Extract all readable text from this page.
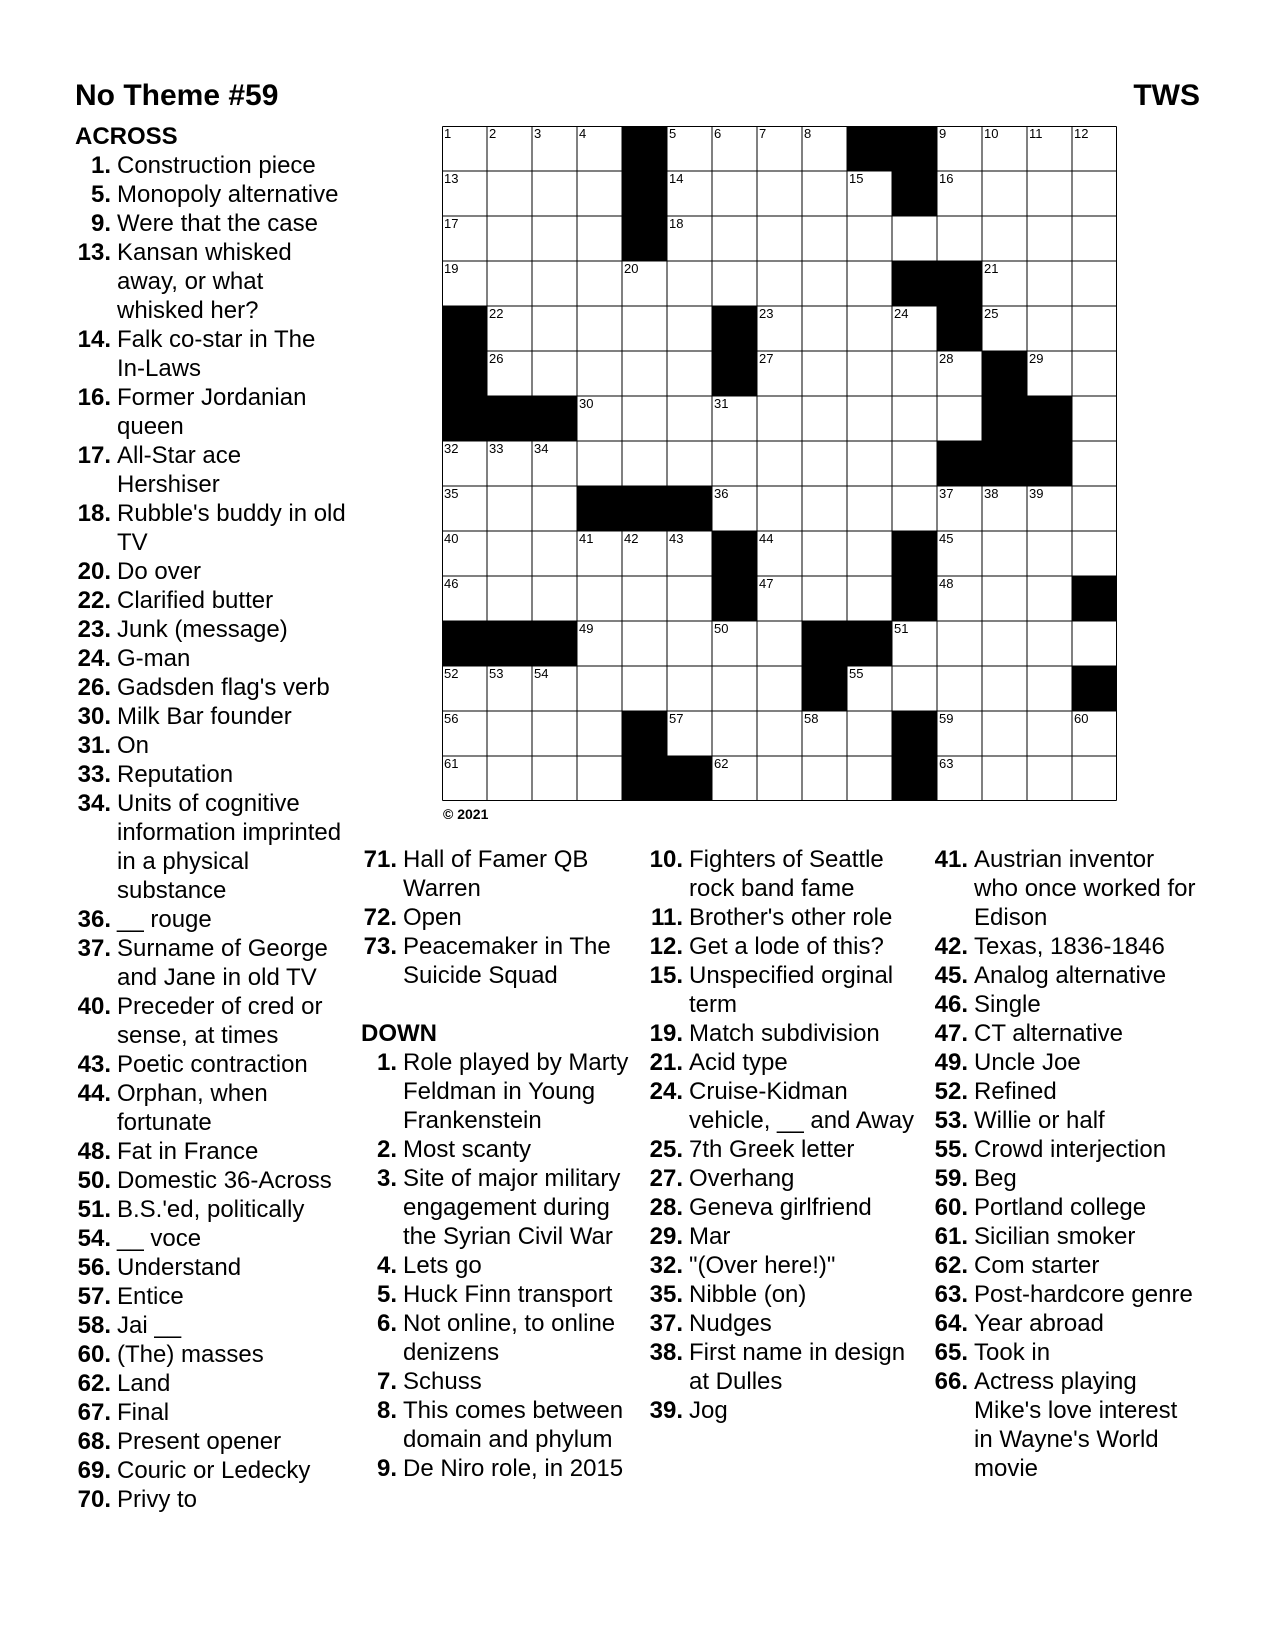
No Theme #59	TWS
1	2	3	4	5	6	7	8	9	10 11 12
13	14	15	16
17	18
19	20	21
22	23	24	25
26	27	28	29
30	31
32 33 34
35	36	37 38 39
40	41 42 43	44	45
46	47	48
49	50	51
52 53 54	55
56	57	58	59	60
61	62	63
© 2021
ACROSS
1. Construction piece
5. Monopoly alternative
9. Were that the case
13. Kansan whisked away, or what whisked her?
14. Falk co-star in The In-Laws
16. Former Jordanian queen
17. All-Star ace Hershiser
18. Rubble's buddy in old TV
20. Do over
22. Clarified butter
23. Junk (message)
24. G-man
26. Gadsden flag's verb
30. Milk Bar founder
31. On
33. Reputation
34. Units of cognitive information imprinted in a physical substance
36. __ rouge
37. Surname of George and Jane in old TV
40. Preceder of cred or sense, at times
43. Poetic contraction
44. Orphan, when fortunate
48. Fat in France
50. Domestic 36-Across
51. B.S.'ed, politically
54. __ voce
56. Understand
57. Entice
58. Jai __
60. (The) masses
62. Land
67. Final
68. Present opener
69. Couric or Ledecky
70. Privy to
71. Hall of Famer QB Warren
72. Open
73. Peacemaker in The Suicide Squad
DOWN
1. Role played by Marty Feldman in Young Frankenstein
2. Most scanty
3. Site of major military engagement during the Syrian Civil War
4. Lets go
5. Huck Finn transport
6. Not online, to online denizens
7. Schuss
8. This comes between domain and phylum
9. De Niro role, in 2015
10. Fighters of Seattle rock band fame
11. Brother's other role
12. Get a lode of this?
15. Unspecified orginal term
19. Match subdivision
21. Acid type
24. Cruise-Kidman vehicle, __ and Away
25. 7th Greek letter
27. Overhang
28. Geneva girlfriend
29. Mar
32. "(Over here!)"
35. Nibble (on)
37. Nudges
38. First name in design at Dulles
39. Jog
41. Austrian inventor who once worked for Edison
42. Texas, 1836-1846
45. Analog alternative
46. Single
47. CT alternative
49. Uncle Joe
52. Refined
53. Willie or half
55. Crowd interjection
59. Beg
60. Portland college
61. Sicilian smoker
62. Com starter
63. Post-hardcore genre
64. Year abroad
65. Took in
66. Actress playing Mike's love interest in Wayne's World movie
